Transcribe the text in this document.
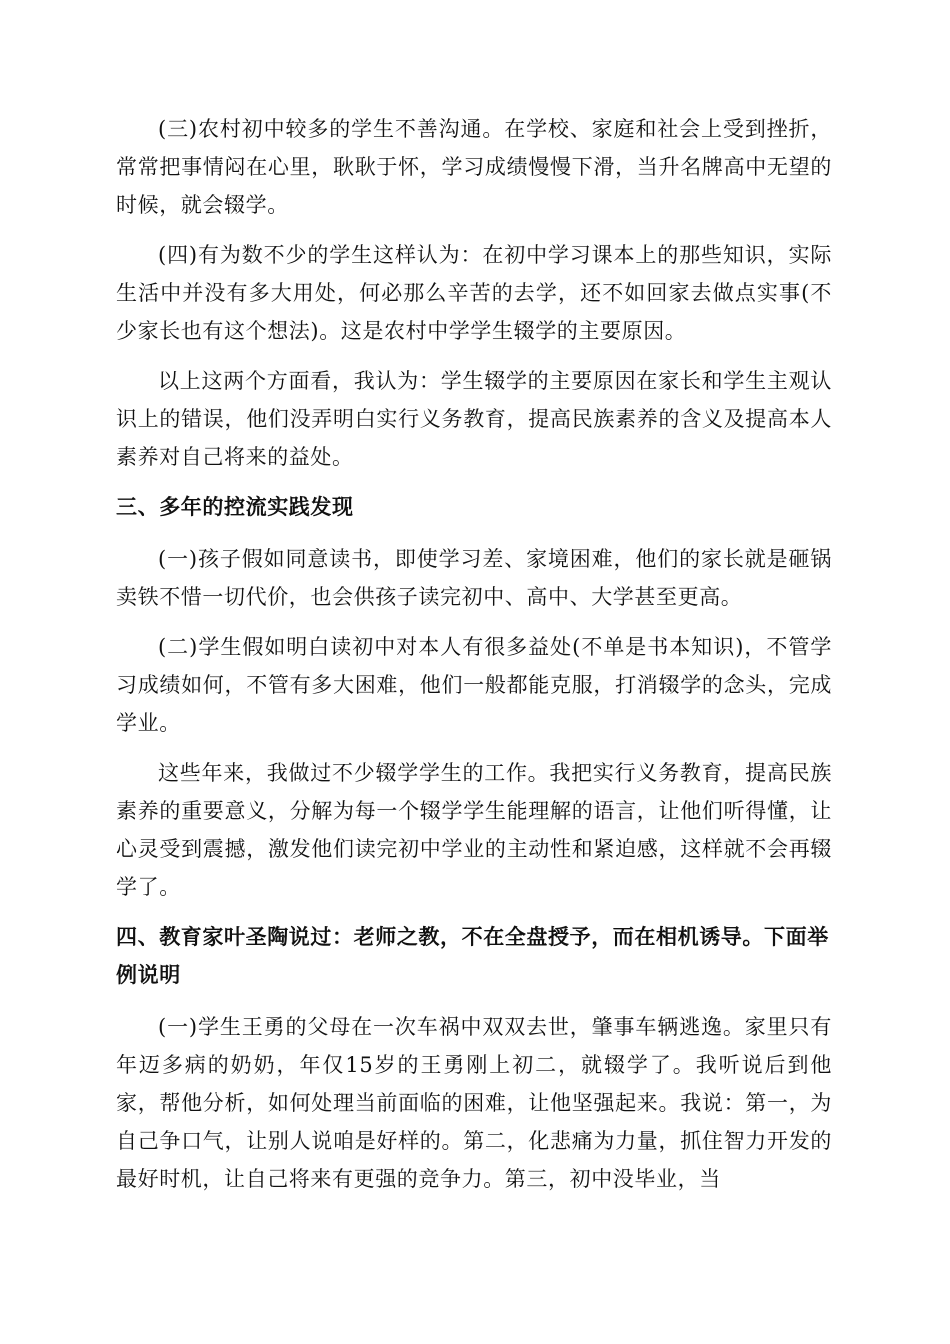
(三)农村初中较多的学生不善沟通。在学校、家庭和社会上受到挫折，常常把事情闷在心里，耿耿于怀，学习成绩慢慢下滑，当升名牌高中无望的时候，就会辍学。

(四)有为数不少的学生这样认为：在初中学习课本上的那些知识，实际生活中并没有多大用处，何必那么辛苦的去学，还不如回家去做点实事(不少家长也有这个想法)。这是农村中学学生辍学的主要原因。

以上这两个方面看，我认为：学生辍学的主要原因在家长和学生主观认识上的错误，他们没弄明白实行义务教育，提高民族素养的含义及提高本人素养对自己将来的益处。

三、多年的控流实践发现

(一)孩子假如同意读书，即使学习差、家境困难，他们的家长就是砸锅卖铁不惜一切代价，也会供孩子读完初中、高中、大学甚至更高。

(二)学生假如明白读初中对本人有很多益处(不单是书本知识)，不管学习成绩如何，不管有多大困难，他们一般都能克服，打消辍学的念头，完成学业。

这些年来，我做过不少辍学学生的工作。我把实行义务教育，提高民族素养的重要意义，分解为每一个辍学学生能理解的语言，让他们听得懂，让心灵受到震撼，激发他们读完初中学业的主动性和紧迫感，这样就不会再辍学了。

四、教育家叶圣陶说过：老师之教，不在全盘授予，而在相机诱导。下面举例说明

(一)学生王勇的父母在一次车祸中双双去世，肇事车辆逃逸。家里只有年迈多病的奶奶，年仅15岁的王勇刚上初二，就辍学了。我听说后到他家，帮他分析，如何处理当前面临的困难，让他坚强起来。我说：第一，为自己争口气，让别人说咱是好样的。第二，化悲痛为力量，抓住智力开发的最好时机，让自己将来有更强的竞争力。第三，初中没毕业，当
